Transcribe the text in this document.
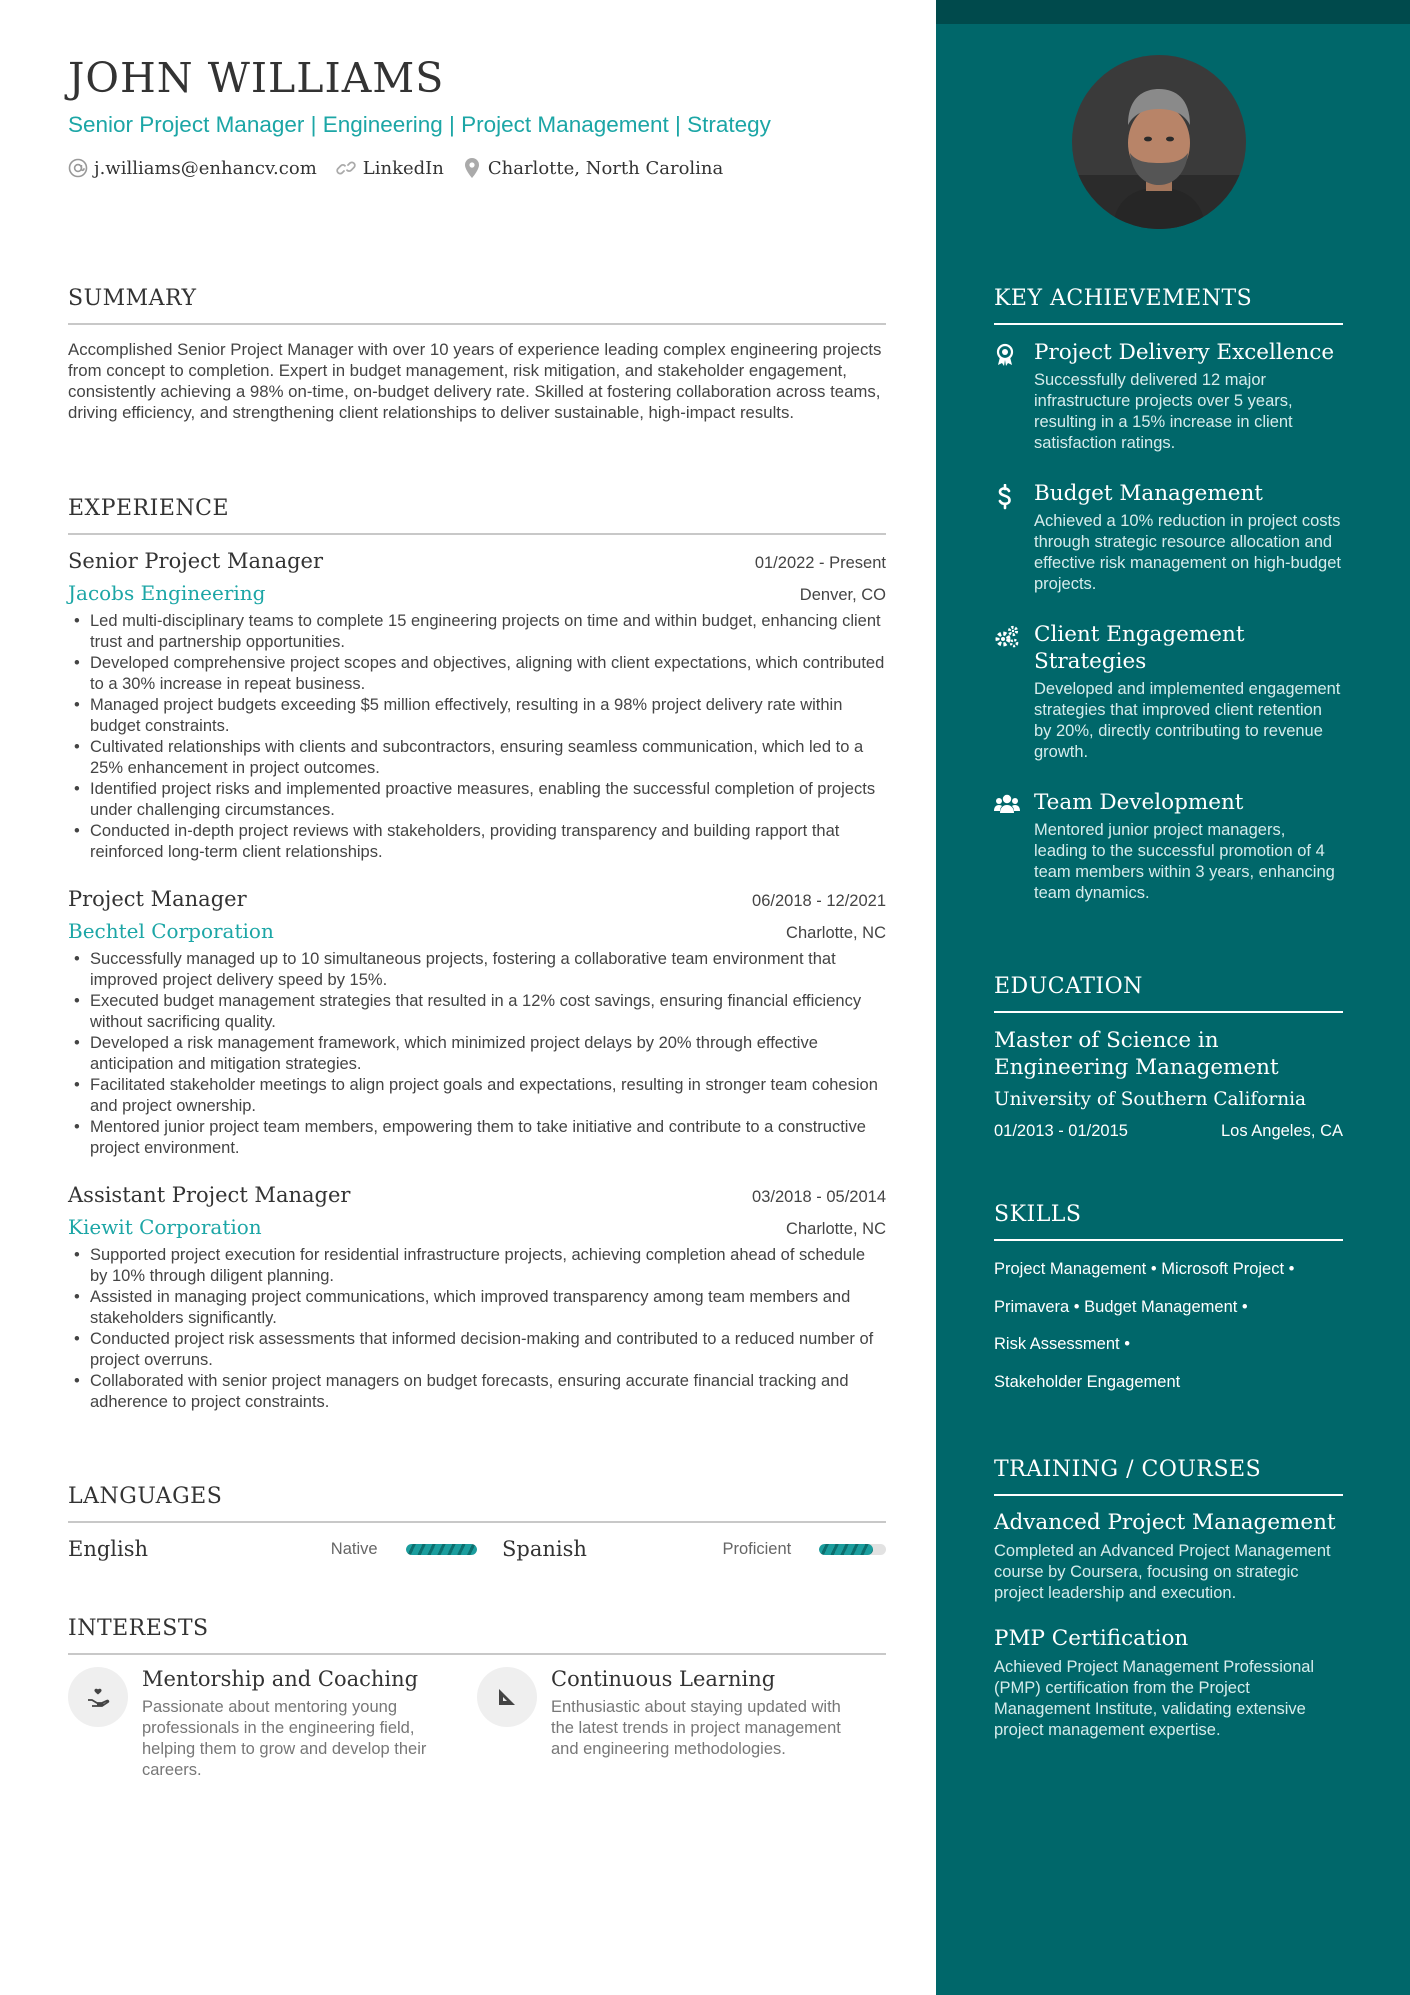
JOHN WILLIAMS
Senior Project Manager | Engineering | Project Management | Strategy
j.williams@enhancv.com	LinkedIn Charlotte, North Carolina
SUMMARY

Accomplished Senior Project Manager with over 10 years of experience leading complex engineering projects from concept to completion. Expert in budget management, risk mitigation, and stakeholder engagement, consistently achieving a 98% on-time, on-budget delivery rate. Skilled at fostering collaboration across teams, driving efficiency, and strengthening client relationships to deliver sustainable, high-impact results.

EXPERIENCE
Senior Project Manager	01/2022 - Present
Jacobs Engineering	Denver, CO
• Led multi-disciplinary teams to complete 15 engineering projects on time and within budget, enhancing client trust and partnership opportunities.
• Developed comprehensive project scopes and objectives, aligning with client expectations, which contributed to a 30% increase in repeat business.
• Managed project budgets exceeding $5 million effectively, resulting in a 98% project delivery rate within budget constraints.
• Cultivated relationships with clients and subcontractors, ensuring seamless communication, which led to a 25% enhancement in project outcomes.
• Identified project risks and implemented proactive measures, enabling the successful completion of projects under challenging circumstances.
• Conducted in-depth project reviews with stakeholders, providing transparency and building rapport that reinforced long-term client relationships.
Project Manager	06/2018 - 12/2021
Bechtel Corporation	Charlotte, NC
• Successfully managed up to 10 simultaneous projects, fostering a collaborative team environment that improved project delivery speed by 15%.
• Executed budget management strategies that resulted in a 12% cost savings, ensuring financial efficiency without sacrificing quality.
• Developed a risk management framework, which minimized project delays by 20% through effective anticipation and mitigation strategies.
• Facilitated stakeholder meetings to align project goals and expectations, resulting in stronger team cohesion and project ownership.
• Mentored junior project team members, empowering them to take initiative and contribute to a constructive project environment.
Assistant Project Manager	03/2018 - 05/2014
Kiewit Corporation	Charlotte, NC
• Supported project execution for residential infrastructure projects, achieving completion ahead of schedule by 10% through diligent planning.
• Assisted in managing project communications, which improved transparency among team members and stakeholders significantly.
• Conducted project risk assessments that informed decision-making and contributed to a reduced number of project overruns.
• Collaborated with senior project managers on budget forecasts, ensuring accurate financial tracking and adherence to project constraints.
LANGUAGES
English	Native	Spanish	Proficient
INTERESTS
Mentorship and Coaching
Passionate about mentoring young professionals in the engineering field, helping them to grow and develop their careers.
Continuous Learning
Enthusiastic about staying updated with the latest trends in project management and engineering methodologies.
KEY ACHIEVEMENTS
Project Delivery Excellence
Successfully delivered 12 major infrastructure projects over 5 years, resulting in a 15% increase in client satisfaction ratings.
Budget Management
Achieved a 10% reduction in project costs through strategic resource allocation and effective risk management on high-budget projects.
Client Engagement Strategies
Developed and implemented engagement strategies that improved client retention by 20%, directly contributing to revenue growth.
Team Development
Mentored junior project managers, leading to the successful promotion of 4 team members within 3 years, enhancing team dynamics.
EDUCATION
Master of Science in Engineering Management
University of Southern California
01/2013 - 01/2015	Los Angeles, CA
SKILLS
Project Management • Microsoft Project •
Primavera • Budget Management •
Risk Assessment •
Stakeholder Engagement
TRAINING / COURSES
Advanced Project Management
Completed an Advanced Project Management course by Coursera, focusing on strategic project leadership and execution.
PMP Certification
Achieved Project Management Professional (PMP) certification from the Project Management Institute, validating extensive project management expertise.
